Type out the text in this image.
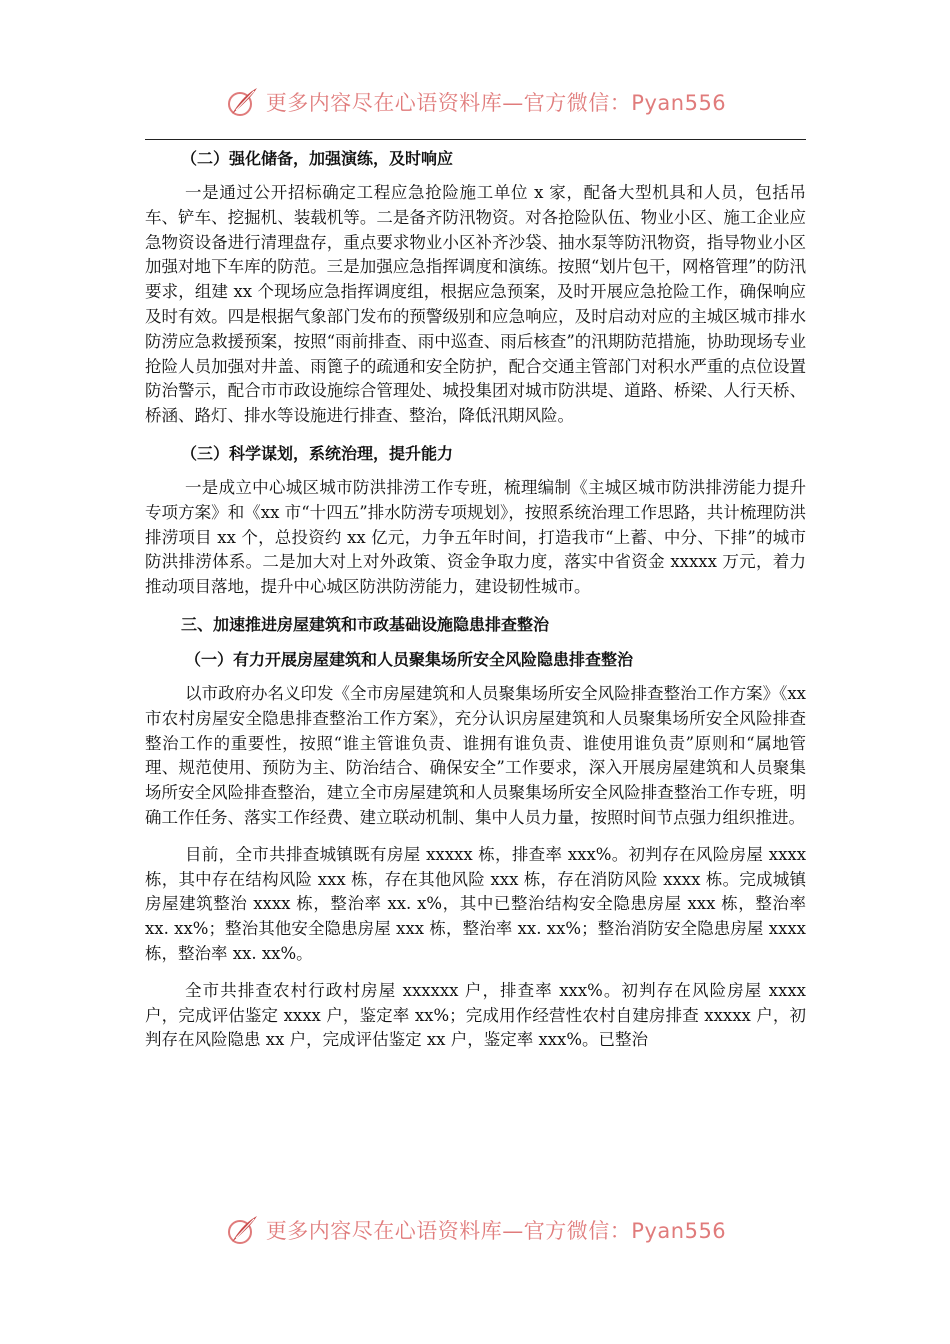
更多内容尽在心语资料库—官方微信：Pyan556
（二）强化储备，加强演练，及时响应

一是通过公开招标确定工程应急抢险施工单位 x 家，配备大型机具和人员，包括吊车、铲车、挖掘机、装载机等。二是备齐防汛物资。对各抢险队伍、物业小区、施工企业应急物资设备进行清理盘存，重点要求物业小区补齐沙袋、抽水泵等防汛物资，指导物业小区加强对地下车库的防范。三是加强应急指挥调度和演练。按照“划片包干，网格管理”的防汛要求，组建 xx 个现场应急指挥调度组，根据应急预案，及时开展应急抢险工作，确保响应及时有效。四是根据气象部门发布的预警级别和应急响应，及时启动对应的主城区城市排水防涝应急救援预案，按照“雨前排查、雨中巡查、雨后核查”的汛期防范措施，协助现场专业抢险人员加强对井盖、雨篦子的疏通和安全防护，配合交通主管部门对积水严重的点位设置防治警示，配合市市政设施综合管理处、城投集团对城市防洪堤、道路、桥梁、人行天桥、桥涵、路灯、排水等设施进行排查、整治，降低汛期风险。

（三）科学谋划，系统治理，提升能力

一是成立中心城区城市防洪排涝工作专班，梳理编制《主城区城市防洪排涝能力提升专项方案》和《xx 市“十四五”排水防涝专项规划》，按照系统治理工作思路，共计梳理防洪排涝项目 xx 个，总投资约 xx 亿元，力争五年时间，打造我市“上蓄、中分、下排”的城市防洪排涝体系。二是加大对上对外政策、资金争取力度，落实中省资金 xxxxx 万元，着力推动项目落地，提升中心城区防洪防涝能力，建设韧性城市。

三、加速推进房屋建筑和市政基础设施隐患排查整治
（一）有力开展房屋建筑和人员聚集场所安全风险隐患排查整治

以市政府办名义印发《全市房屋建筑和人员聚集场所安全风险排查整治工作方案》《xx 市农村房屋安全隐患排查整治工作方案》，充分认识房屋建筑和人员聚集场所安全风险排查整治工作的重要性，按照“谁主管谁负责、谁拥有谁负责、谁使用谁负责”原则和“属地管理、规范使用、预防为主、防治结合、确保安全”工作要求，深入开展房屋建筑和人员聚集场所安全风险排查整治，建立全市房屋建筑和人员聚集场所安全风险排查整治工作专班，明确工作任务、落实工作经费、建立联动机制、集中人员力量，按照时间节点强力组织推进。

目前，全市共排查城镇既有房屋 xxxxx 栋，排查率 xxx%。初判存在风险房屋 xxxx 栋，其中存在结构风险 xxx 栋，存在其他风险 xxx 栋，存在消防风险 xxxx 栋。完成城镇房屋建筑整治 xxxx 栋，整治率 xx. x%，其中已整治结构安全隐患房屋 xxx 栋，整治率 xx. xx%；整治其他安全隐患房屋 xxx 栋，整治率 xx. xx%；整治消防安全隐患房屋 xxxx 栋，整治率 xx. xx%。

全市共排查农村行政村房屋 xxxxxx 户，排查率 xxx%。初判存在风险房屋 xxxx 户，完成评估鉴定 xxxx 户，鉴定率 xx%；完成用作经营性农村自建房排查 xxxxx 户，初判存在风险隐患 xx 户，完成评估鉴定 xx 户，鉴定率 xxx%。已整治

更多内容尽在心语资料库—官方微信：Pyan556
